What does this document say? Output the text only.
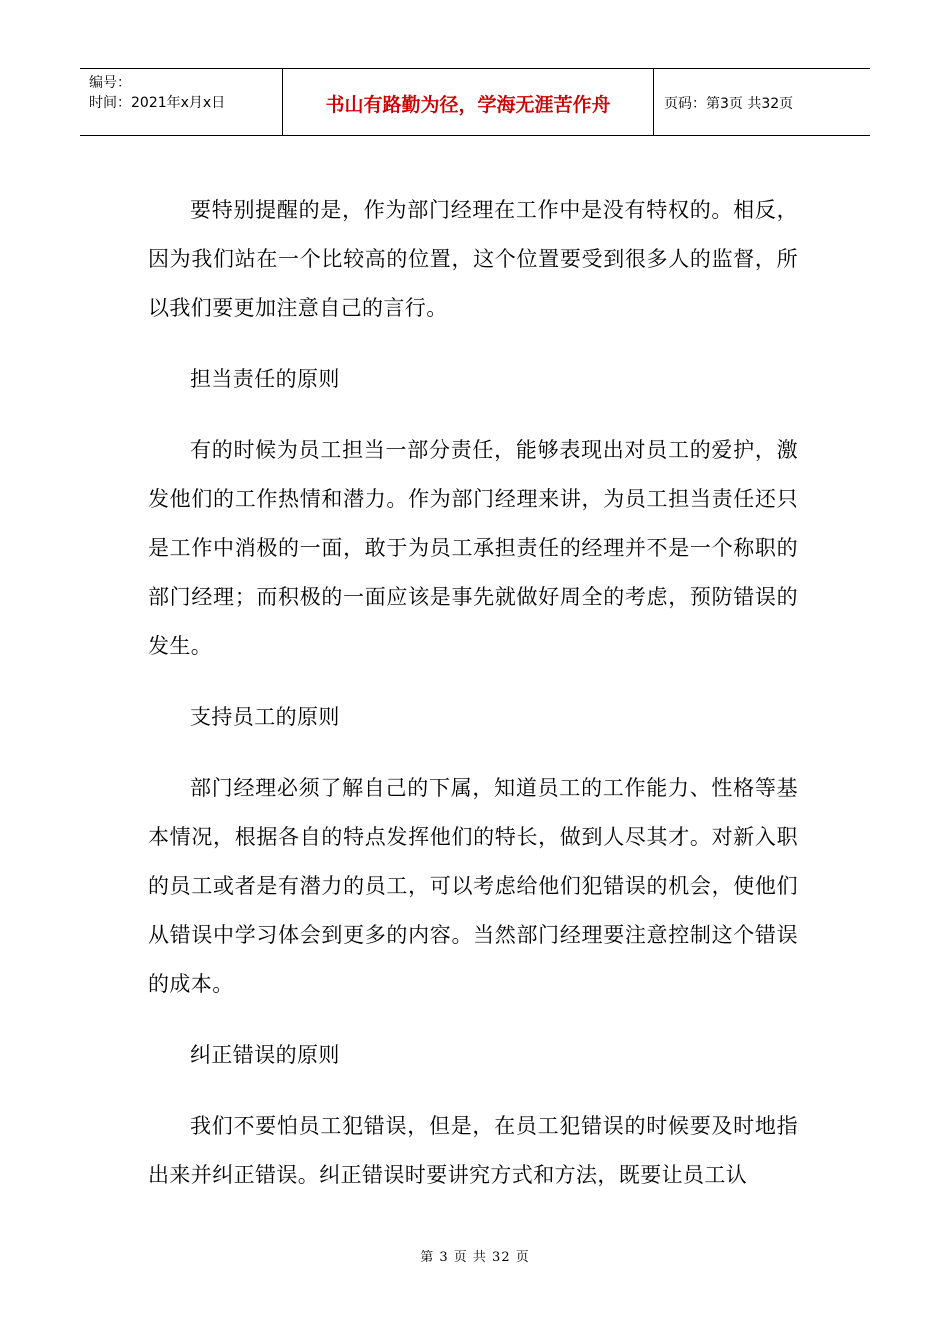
编号：
时间：2021年x月x日	书山有路勤为径，学海无涯苦作舟	页码：第3页 共32页

要特别提醒的是，作为部门经理在工作中是没有特权的。相反，因为我们站在一个比较高的位置，这个位置要受到很多人的监督，所以我们要更加注意自己的言行。

担当责任的原则

有的时候为员工担当一部分责任，能够表现出对员工的爱护，激发他们的工作热情和潜力。作为部门经理来讲，为员工担当责任还只是工作中消极的一面，敢于为员工承担责任的经理并不是一个称职的部门经理；而积极的一面应该是事先就做好周全的考虑，预防错误的发生。

支持员工的原则

部门经理必须了解自己的下属，知道员工的工作能力、性格等基本情况，根据各自的特点发挥他们的特长，做到人尽其才。对新入职的员工或者是有潜力的员工，可以考虑给他们犯错误的机会，使他们从错误中学习体会到更多的内容。当然部门经理要注意控制这个错误的成本。

纠正错误的原则

我们不要怕员工犯错误，但是，在员工犯错误的时候要及时地指出来并纠正错误。纠正错误时要讲究方式和方法，既要让员工认

第 3 页 共 32 页
